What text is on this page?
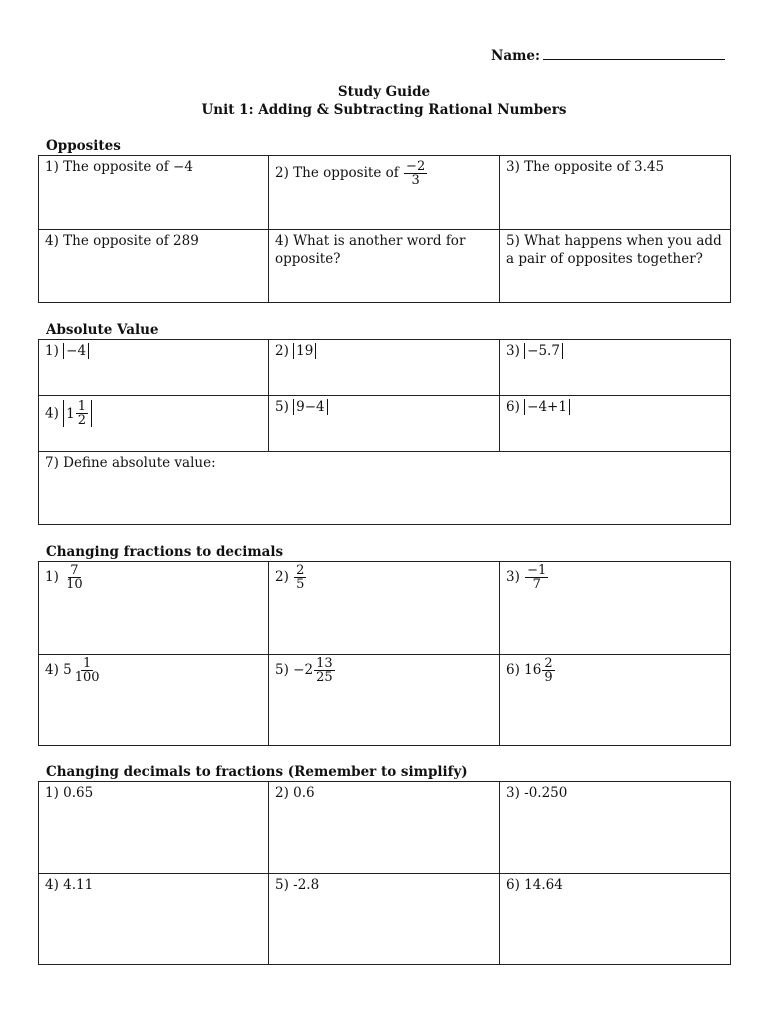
Name:
Study Guide
Unit 1: Adding & Subtracting Rational Numbers
Opposites
1) The opposite of −4	2) The opposite of $\frac{-2}{3}$	3) The opposite of 3.45
4) The opposite of 289	4) What is another word for opposite?	5) What happens when you add a pair of opposites together?
Absolute Value
1) −4	2) 19	3) −5.7

4) $1 \frac{1}{2}$	5) 9−4	6) −4+1
7) Define absolute value:		
Changing fractions to decimals
$1) \frac{7}{10}$	$2) \frac{2}{5}$	$3) \frac{-1}{7}$

4) $5 \frac{1}{100}$	$5) -2 \frac{13}{25}$	6) $16 \frac{2}{9}$
Changing decimals to fractions (Remember to simplify)
1) 0.65	2) 0.6	3) -0.250
4) 4.11	5) -2.8	6) 14.64
